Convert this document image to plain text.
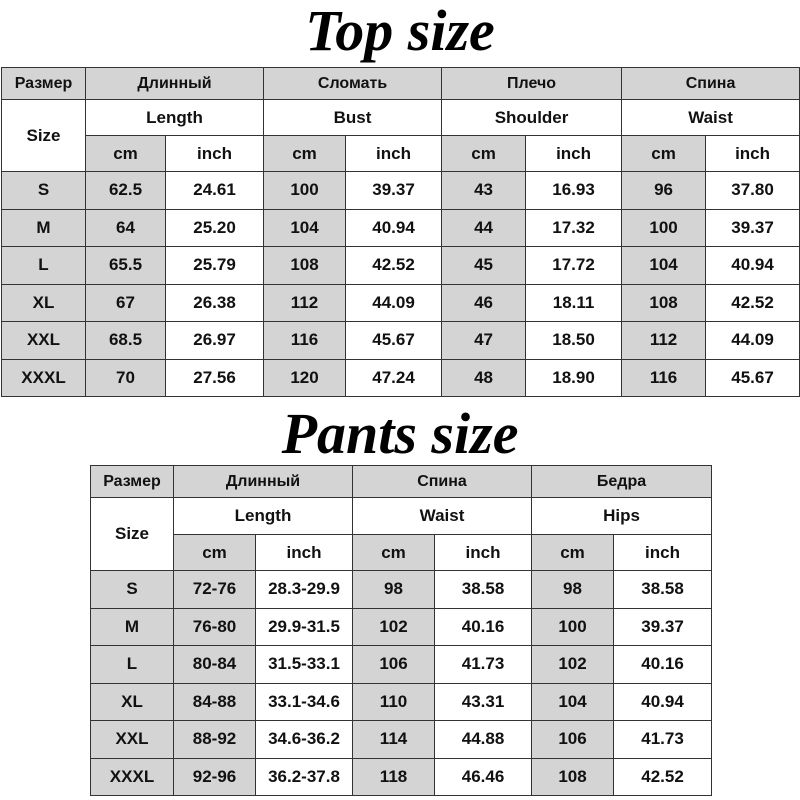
Top size
Размер	Длинный		Сломать		Плечо		Спина	
Size	Length		Bust		Shoulder		Waist	
	cm	inch	cm	inch	cm	inch	cm	inch
S	62.5	24.61	100	39.37	43	16.93	96	37.80
M	64	25.20	104	40.94	44	17.32	100	39.37
L	65.5	25.79	108	42.52	45	17.72	104	40.94
XL	67	26.38	112	44.09	46	18.11	108	42.52
XXL	68.5	26.97	116	45.67	47	18.50	112	44.09
XXXL	70	27.56	120	47.24	48	18.90	116	45.67
Pants size
Размер	Длинный		Спина		Бедра	
Size	Length		Waist		Hips	
	cm	inch	cm	inch	cm	inch
S	72-76	28.3-29.9	98	38.58	98	38.58
M	76-80	29.9-31.5	102	40.16	100	39.37
L	80-84	31.5-33.1	106	41.73	102	40.16
XL	84-88	33.1-34.6	110	43.31	104	40.94
XXL	88-92	34.6-36.2	114	44.88	106	41.73
XXXL	92-96	36.2-37.8	118	46.46	108	42.52
